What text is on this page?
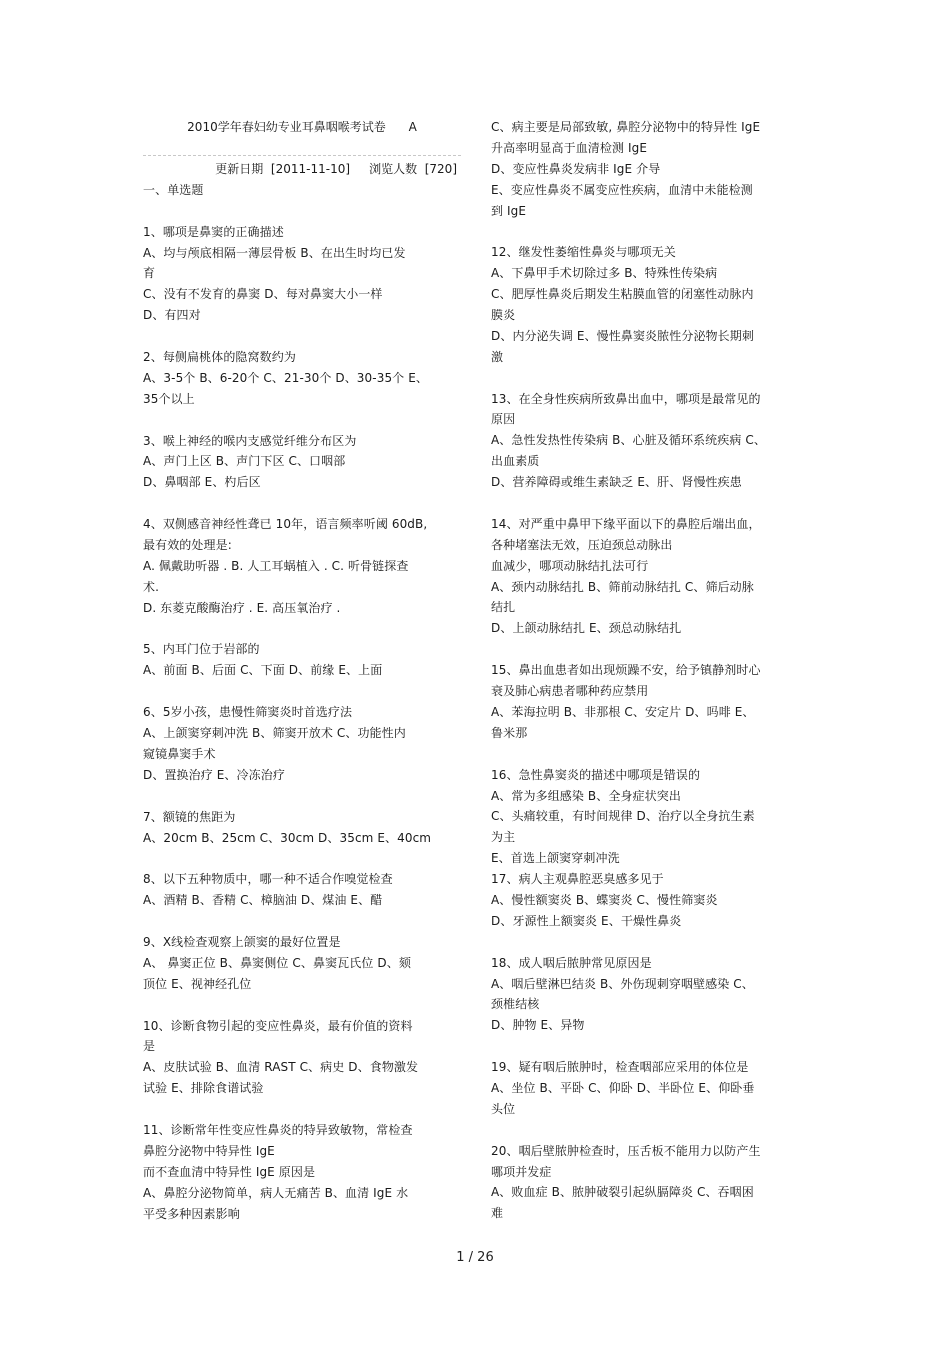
2010学年春妇幼专业耳鼻咽喉考试卷      A
更新日期  [2011-11-10]     浏览人数  [720]
一、单选题
1、哪项是鼻窦的正确描述
A、均与颅底相隔一薄层骨板 B、在出生时均已发
育
C、没有不发育的鼻窦 D、每对鼻窦大小一样
D、有四对
2、每侧扁桃体的隐窝数约为
A、3-5个 B、6-20个 C、21-30个 D、30-35个 E、
35个以上
3、喉上神经的喉内支感觉纤维分布区为
A、声门上区 B、声门下区 C、口咽部
D、鼻咽部 E、杓后区
4、双侧感音神经性聋已 10年，语言频率听阈 60dB,
最有效的处理是:
A. 佩戴助听器 . B. 人工耳蜗植入 . C. 听骨链探查
术.
D. 东菱克酸酶治疗 . E. 高压氧治疗 .
5、内耳门位于岩部的
A、前面 B、后面 C、下面 D、前缘 E、上面
6、5岁小孩，患慢性筛窦炎时首选疗法
A、上颌窦穿刺冲洗 B、筛窦开放术 C、功能性内
窥镜鼻窦手术
D、置换治疗 E、冷冻治疗
7、额镜的焦距为
A、20cm B、25cm C、30cm D、35cm E、40cm
8、以下五种物质中，哪一种不适合作嗅觉检查
A、酒精 B、香精 C、樟脑油 D、煤油 E、醋
9、X线检查观察上颌窦的最好位置是
A、 鼻窦正位 B、鼻窦侧位 C、鼻窦瓦氏位 D、颏
顶位 E、视神经孔位
10、诊断食物引起的变应性鼻炎，最有价值的资料
是
A、皮肤试验 B、血清 RAST C、病史 D、食物激发
试验 E、排除食谱试验
11、诊断常年性变应性鼻炎的特异致敏物，常检查
鼻腔分泌物中特异性 IgE
而不查血清中特异性 IgE 原因是
A、鼻腔分泌物简单，病人无痛苦 B、血清 IgE 水
平受多种因素影响
C、病主要是局部致敏, 鼻腔分泌物中的特异性 IgE
升高率明显高于血清检测 IgE
D、变应性鼻炎发病非 IgE 介导
E、变应性鼻炎不属变应性疾病，血清中未能检测
到 IgE
12、继发性萎缩性鼻炎与哪项无关
A、下鼻甲手术切除过多 B、特殊性传染病
C、肥厚性鼻炎后期发生粘膜血管的闭塞性动脉内
膜炎
D、内分泌失调 E、慢性鼻窦炎脓性分泌物长期刺
激
13、在全身性疾病所致鼻出血中，哪项是最常见的
原因
A、急性发热性传染病 B、心脏及循环系统疾病 C、
出血素质
D、营养障碍或维生素缺乏 E、肝、肾慢性疾患
14、对严重中鼻甲下缘平面以下的鼻腔后端出血，
各种堵塞法无效，压迫颈总动脉出
血减少，哪项动脉结扎法可行
A、颈内动脉结扎 B、筛前动脉结扎 C、筛后动脉
结扎
D、上颌动脉结扎 E、颈总动脉结扎
15、鼻出血患者如出现烦躁不安，给予镇静剂时心
衰及肺心病患者哪种药应禁用
A、苯海拉明 B、非那根 C、安定片 D、吗啡 E、
鲁米那
16、急性鼻窦炎的描述中哪项是错误的
A、常为多组感染 B、全身症状突出
C、头痛较重，有时间规律 D、治疗以全身抗生素
为主
E、首选上颌窦穿刺冲洗
17、病人主观鼻腔恶臭感多见于
A、慢性额窦炎 B、蝶窦炎 C、慢性筛窦炎
D、牙源性上额窦炎 E、干燥性鼻炎
18、成人咽后脓肿常见原因是
A、咽后壁淋巴结炎 B、外伤现刺穿咽壁感染 C、
颈椎结核
D、肿物 E、异物
19、疑有咽后脓肿时，检查咽部应采用的体位是
A、坐位 B、平卧 C、仰卧 D、半卧位 E、仰卧垂
头位
20、咽后壁脓肿检查时，压舌板不能用力以防产生
哪项并发症
A、败血症 B、脓肿破裂引起纵膈障炎 C、吞咽困
难
1 / 26
